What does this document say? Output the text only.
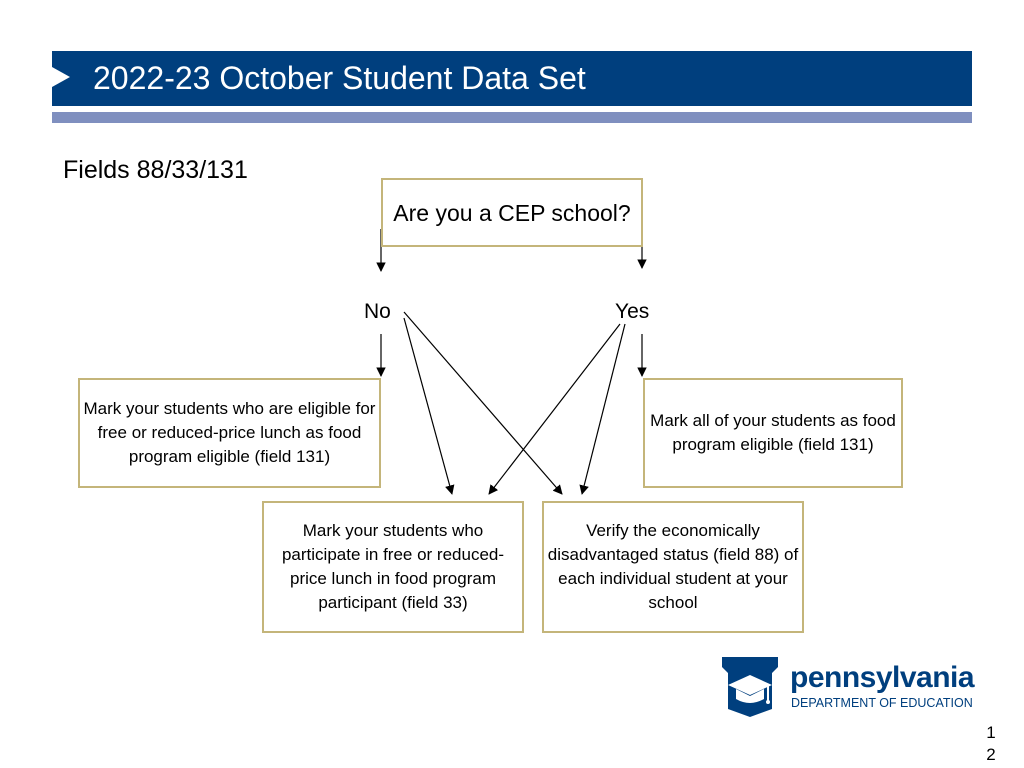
2022-23 October Student Data Set
Fields 88/33/131
Are you a CEP school?
No	Yes
Mark your students who are eligible for free or reduced-price lunch as food program eligible (field 131)
Mark all of your students as food program eligible (field 131)
Mark your students who participate in free or reduced-price lunch in food program participant (field 33)
Verify the economically disadvantaged status (field 88) of each individual student at your school
pennsylvania
DEPARTMENT OF EDUCATION
1
2
